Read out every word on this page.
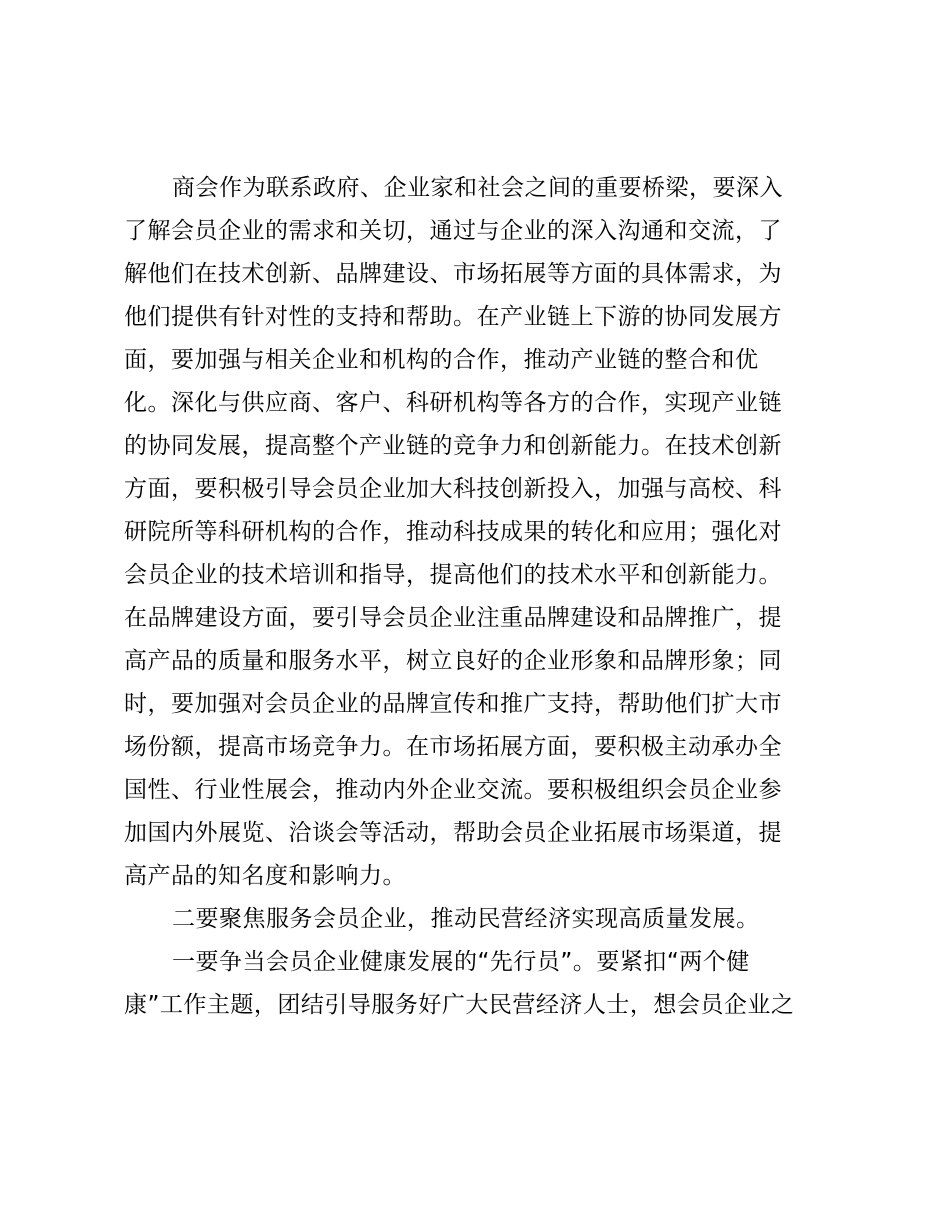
商会作为联系政府、企业家和社会之间的重要桥梁，要深入
了解会员企业的需求和关切，通过与企业的深入沟通和交流，了
解他们在技术创新、品牌建设、市场拓展等方面的具体需求，为
他们提供有针对性的支持和帮助。在产业链上下游的协同发展方
面，要加强与相关企业和机构的合作，推动产业链的整合和优
化。深化与供应商、客户、科研机构等各方的合作，实现产业链
的协同发展，提高整个产业链的竞争力和创新能力。在技术创新
方面，要积极引导会员企业加大科技创新投入，加强与高校、科
研院所等科研机构的合作，推动科技成果的转化和应用；强化对
会员企业的技术培训和指导，提高他们的技术水平和创新能力。
在品牌建设方面，要引导会员企业注重品牌建设和品牌推广，提
高产品的质量和服务水平，树立良好的企业形象和品牌形象；同
时，要加强对会员企业的品牌宣传和推广支持，帮助他们扩大市
场份额，提高市场竞争力。在市场拓展方面，要积极主动承办全
国性、行业性展会，推动内外企业交流。要积极组织会员企业参
加国内外展览、洽谈会等活动，帮助会员企业拓展市场渠道，提
高产品的知名度和影响力。
二要聚焦服务会员企业，推动民营经济实现高质量发展。
一要争当会员企业健康发展的“先行员”。要紧扣“两个健
康”工作主题，团结引导服务好广大民营经济人士，想会员企业之
